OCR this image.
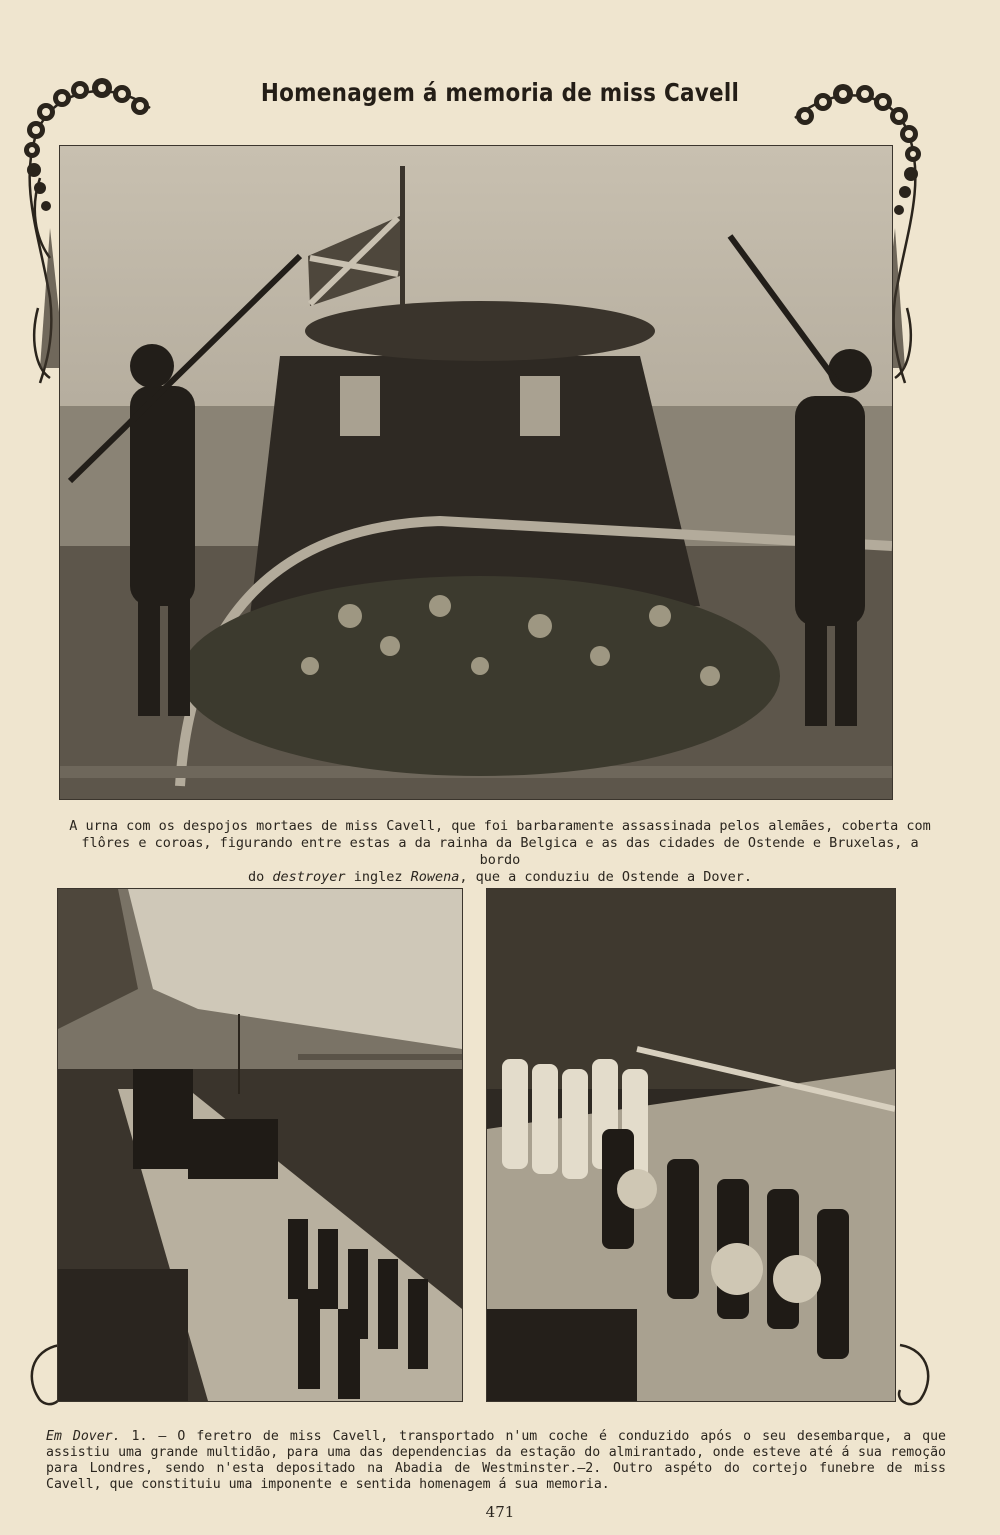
Homenagem á memoria de miss Cavell
A urna com os despojos mortaes de miss Cavell, que foi barbaramente assassinada pelos alemães, coberta com
flôres e coroas, figurando entre estas a da rainha da Belgica e as das cidades de Ostende e Bruxelas, a bordo
do destroyer inglez Rowena, que a conduziu de Ostende a Dover.
Em Dover. 1. — O feretro de miss Cavell, transportado n'um coche é conduzido após o seu desembarque, a que assistiu uma grande multidão, para uma das dependencias da estação do almirantado, onde esteve até á sua remoção para Londres, sendo n'esta depositado na Abadia de Westminster.—2. Outro aspéto do cortejo funebre de miss Cavell, que constituiu uma imponente e sentida homenagem á sua memoria.
471
